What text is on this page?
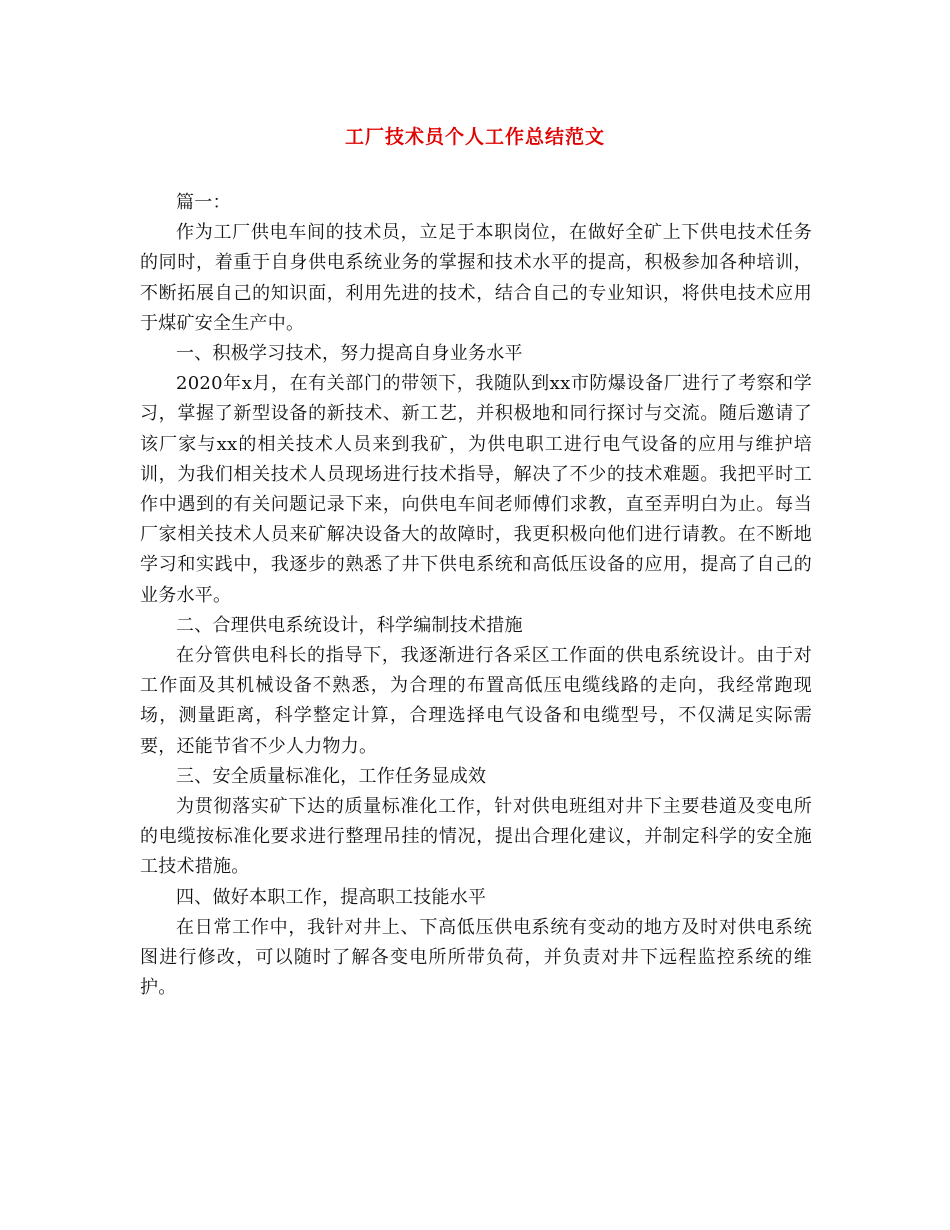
工厂技术员个人工作总结范文

篇一：

作为工厂供电车间的技术员，立足于本职岗位，在做好全矿上下供电技术任务的同时，着重于自身供电系统业务的掌握和技术水平的提高，积极参加各种培训，不断拓展自己的知识面，利用先进的技术，结合自己的专业知识，将供电技术应用于煤矿安全生产中。

一、积极学习技术，努力提高自身业务水平

2020年x月，在有关部门的带领下，我随队到xx市防爆设备厂进行了考察和学习，掌握了新型设备的新技术、新工艺，并积极地和同行探讨与交流。随后邀请了该厂家与xx的相关技术人员来到我矿，为供电职工进行电气设备的应用与维护培训，为我们相关技术人员现场进行技术指导，解决了不少的技术难题。我把平时工作中遇到的有关问题记录下来，向供电车间老师傅们求教，直至弄明白为止。每当厂家相关技术人员来矿解决设备大的故障时，我更积极向他们进行请教。在不断地学习和实践中，我逐步的熟悉了井下供电系统和高低压设备的应用，提高了自己的业务水平。

二、合理供电系统设计，科学编制技术措施

在分管供电科长的指导下，我逐渐进行各采区工作面的供电系统设计。由于对工作面及其机械设备不熟悉，为合理的布置高低压电缆线路的走向，我经常跑现场，测量距离，科学整定计算，合理选择电气设备和电缆型号，不仅满足实际需要，还能节省不少人力物力。

三、安全质量标准化，工作任务显成效

为贯彻落实矿下达的质量标准化工作，针对供电班组对井下主要巷道及变电所的电缆按标准化要求进行整理吊挂的情况，提出合理化建议，并制定科学的安全施工技术措施。

四、做好本职工作，提高职工技能水平

在日常工作中，我针对井上、下高低压供电系统有变动的地方及时对供电系统图进行修改，可以随时了解各变电所所带负荷，并负责对井下远程监控系统的维护。
